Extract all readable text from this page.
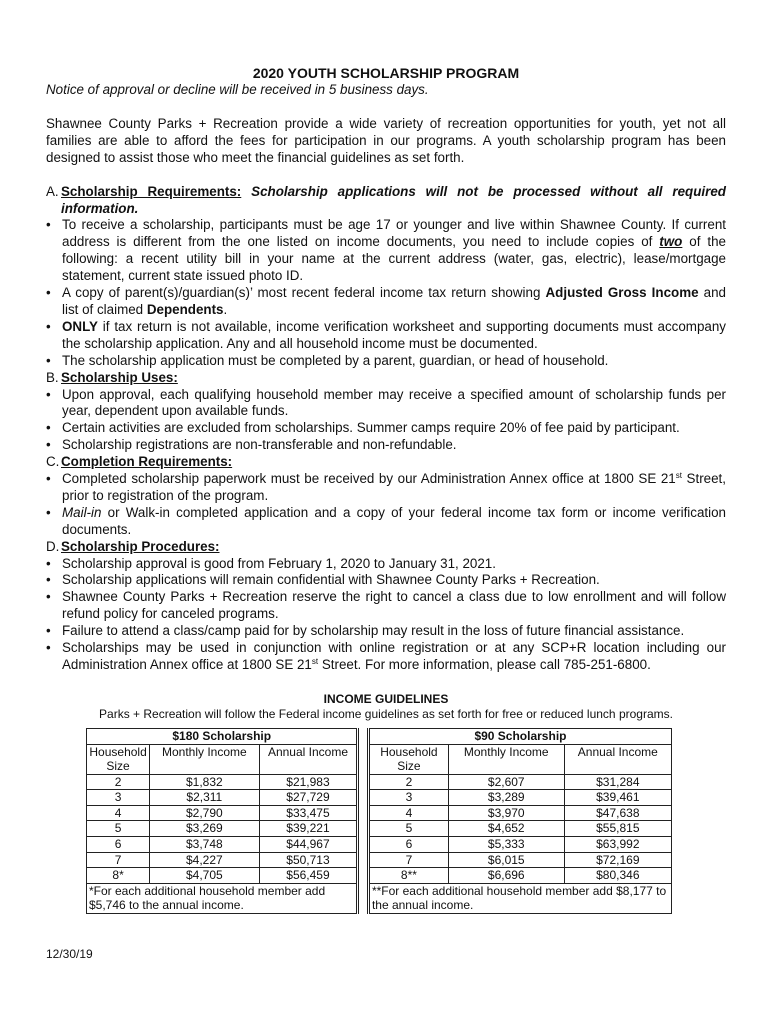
2020 YOUTH SCHOLARSHIP PROGRAM
Notice of approval or decline will be received in 5 business days.

Shawnee County Parks + Recreation provide a wide variety of recreation opportunities for youth, yet not all families are able to afford the fees for participation in our programs. A youth scholarship program has been designed to assist those who meet the financial guidelines as set forth.

A. Scholarship Requirements: Scholarship applications will not be processed without all required information.
• To receive a scholarship, participants must be age 17 or younger and live within Shawnee County. If current address is different from the one listed on income documents, you need to include copies of two of the following: a recent utility bill in your name at the current address (water, gas, electric), lease/mortgage statement, current state issued photo ID.
• A copy of parent(s)/guardian(s)’ most recent federal income tax return showing Adjusted Gross Income and list of claimed Dependents.
• ONLY if tax return is not available, income verification worksheet and supporting documents must accompany the scholarship application. Any and all household income must be documented.
• The scholarship application must be completed by a parent, guardian, or head of household.
B. Scholarship Uses:
• Upon approval, each qualifying household member may receive a specified amount of scholarship funds per year, dependent upon available funds.
• Certain activities are excluded from scholarships. Summer camps require 20% of fee paid by participant.
• Scholarship registrations are non-transferable and non-refundable.
C. Completion Requirements:
• Completed scholarship paperwork must be received by our Administration Annex office at 1800 SE 21st Street, prior to registration of the program.
• Mail-in or Walk-in completed application and a copy of your federal income tax form or income verification documents.
D. Scholarship Procedures:
• Scholarship approval is good from February 1, 2020 to January 31, 2021.
• Scholarship applications will remain confidential with Shawnee County Parks + Recreation.
• Shawnee County Parks + Recreation reserve the right to cancel a class due to low enrollment and will follow refund policy for canceled programs.
• Failure to attend a class/camp paid for by scholarship may result in the loss of future financial assistance.
• Scholarships may be used in conjunction with online registration or at any SCP+R location including our Administration Annex office at 1800 SE 21st Street. For more information, please call 785-251-6800.
INCOME GUIDELINES
Parks + Recreation will follow the Federal income guidelines as set forth for free or reduced lunch programs.
$180 Scholarship				$90 Scholarship		
Household Size	Monthly Income	Annual Income		Household Size	Monthly Income	Annual Income
2	$1,832	$21,983		2	$2,607	$31,284
3	$2,311	$27,729		3	$3,289	$39,461
4	$2,790	$33,475		4	$3,970	$47,638
5	$3,269	$39,221		5	$4,652	$55,815
6	$3,748	$44,967		6	$5,333	$63,992
7	$4,227	$50,713		7	$6,015	$72,169
8*	$4,705	$56,459		8**	$6,696	$80,346
*For each additional household member add $5,746 to the annual income.				**For each additional household member add $8,177 to the annual income.		
12/30/19
